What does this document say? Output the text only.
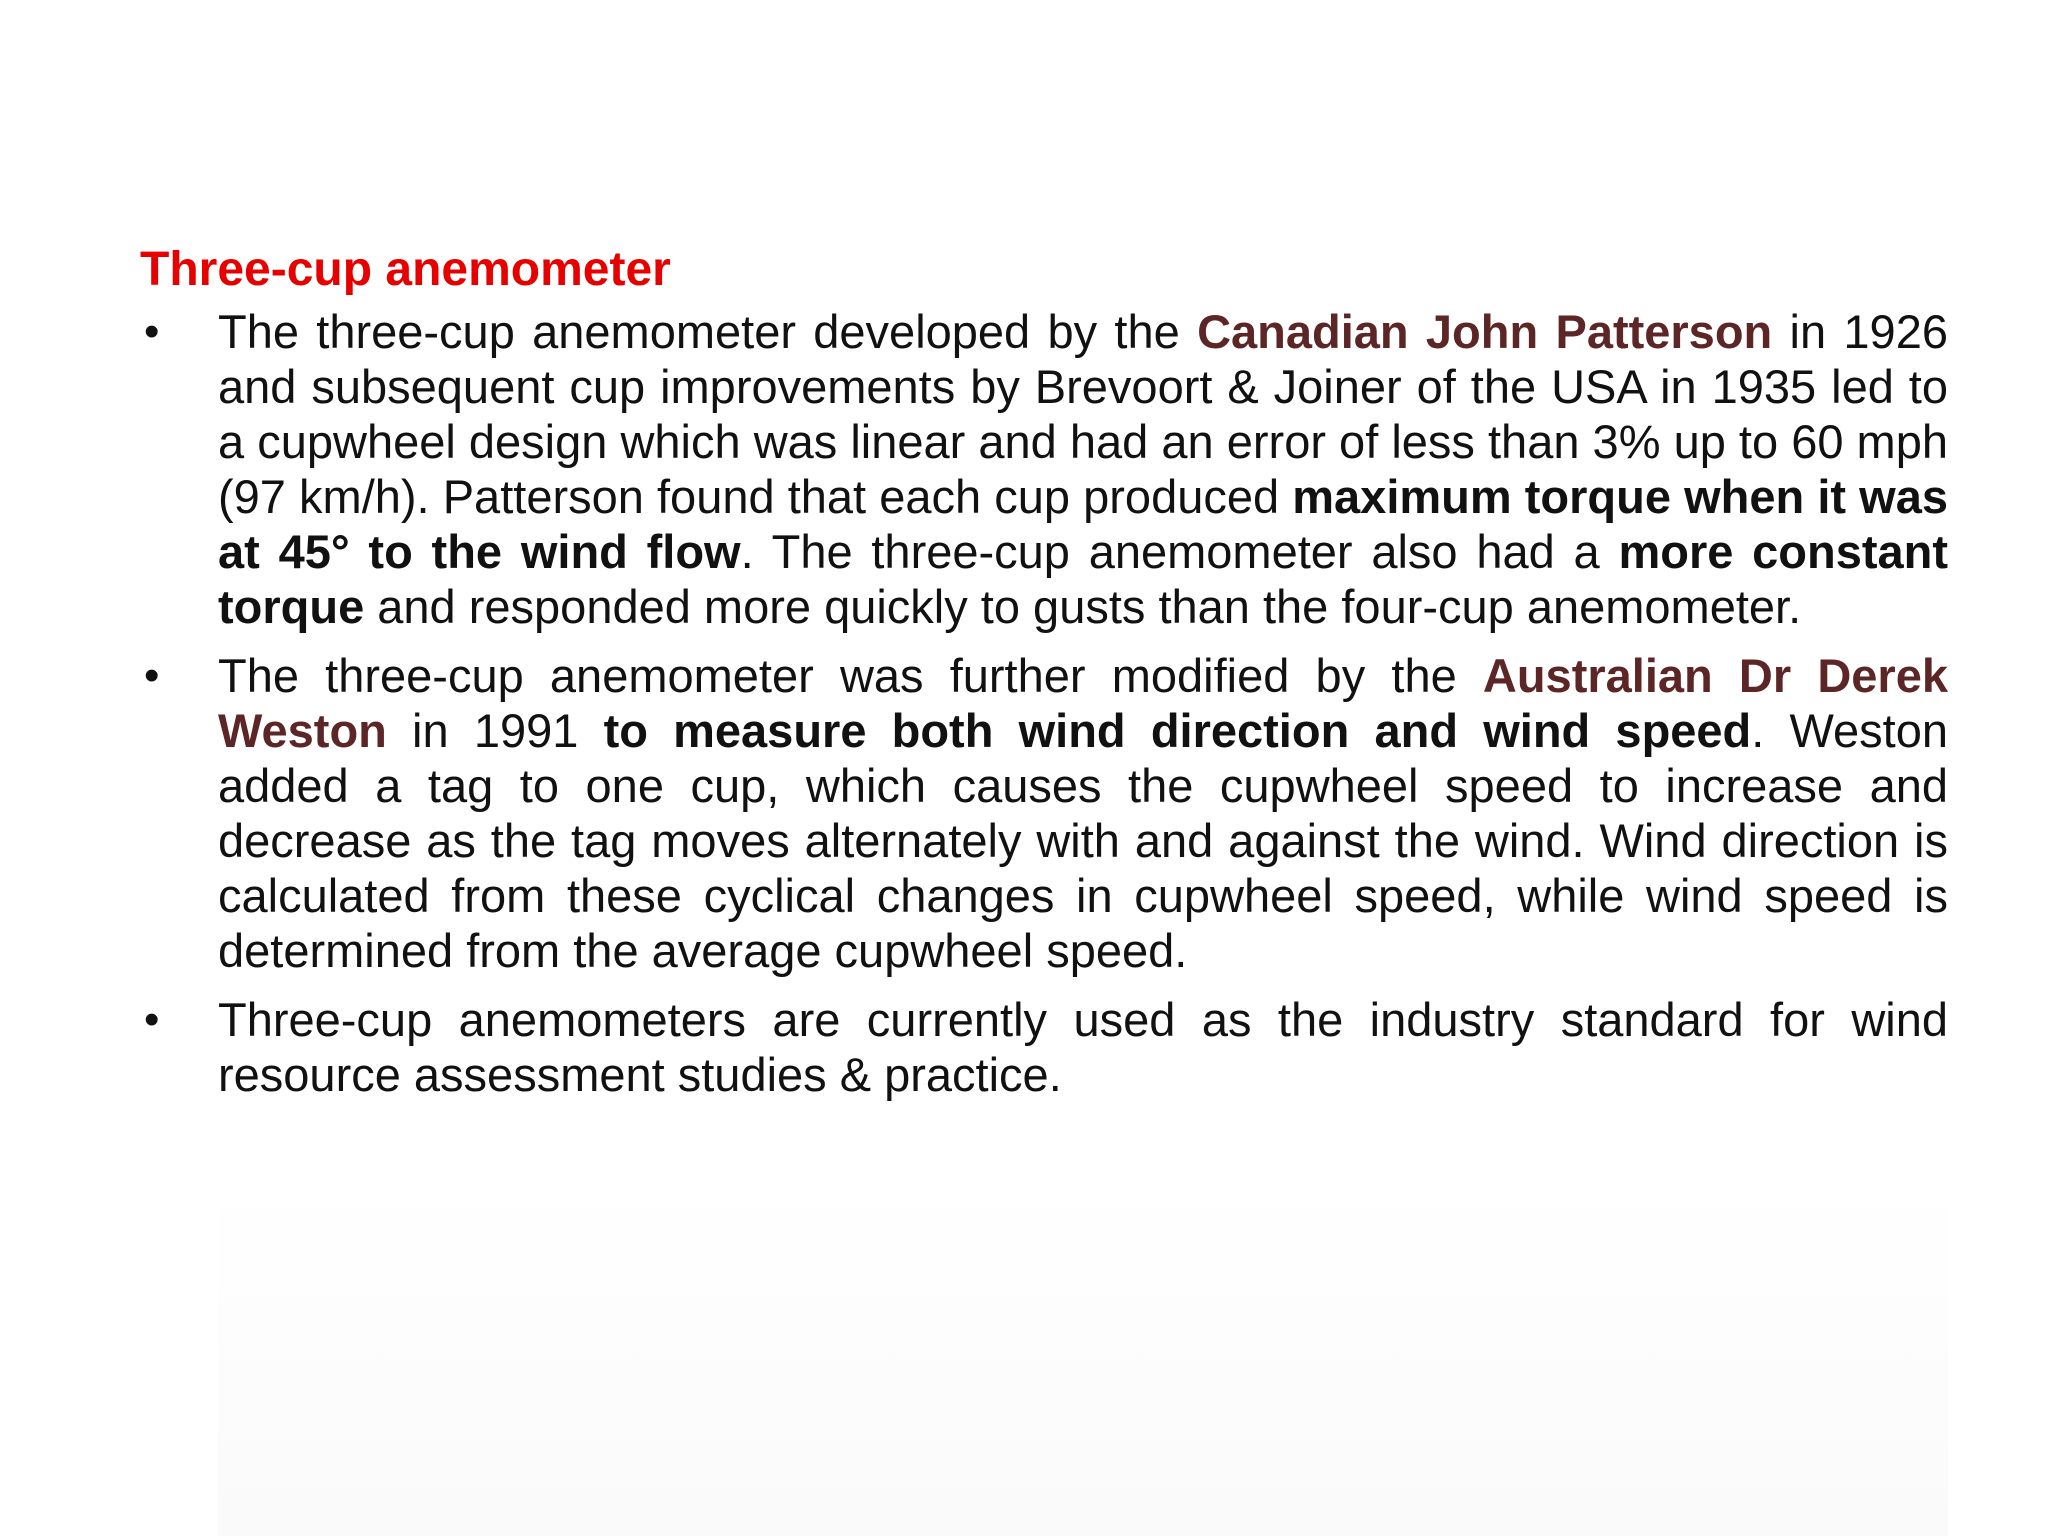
Three-cup anemometer
• The three-cup anemometer developed by the Canadian John Patterson in 1926 and subsequent cup improvements by Brevoort & Joiner of the USA in 1935 led to a cupwheel design which was linear and had an error of less than 3% up to 60 mph (97 km/h). Patterson found that each cup produced maximum torque when it was at 45° to the wind flow. The three-cup anemometer also had a more constant torque and responded more quickly to gusts than the four-cup anemometer.
• The three-cup anemometer was further modified by the Australian Dr Derek Weston in 1991 to measure both wind direction and wind speed. Weston added a tag to one cup, which causes the cupwheel speed to increase and decrease as the tag moves alternately with and against the wind. Wind direction is calculated from these cyclical changes in cupwheel speed, while wind speed is determined from the average cupwheel speed.
• Three-cup anemometers are currently used as the industry standard for wind resource assessment studies & practice.
